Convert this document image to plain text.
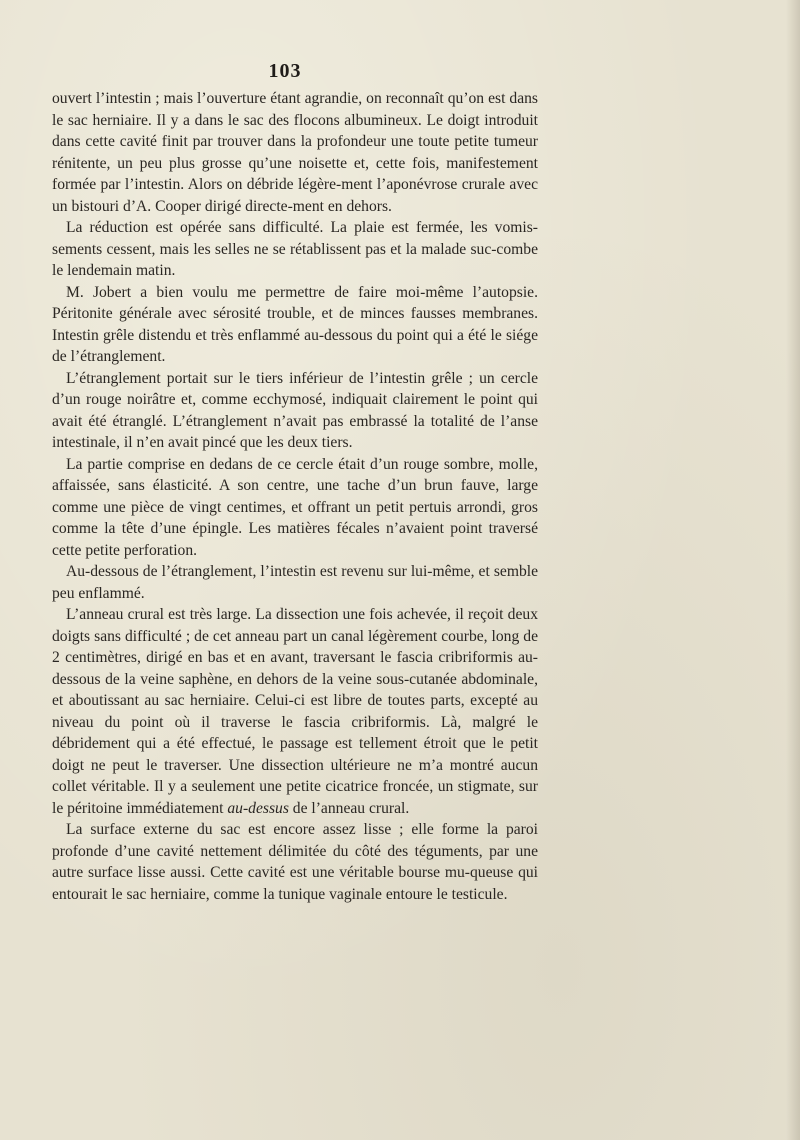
103

ouvert l’intestin ; mais l’ouverture étant agrandie, on reconnaît qu’on est dans le sac herniaire. Il y a dans le sac des flocons albumineux. Le doigt introduit dans cette cavité finit par trouver dans la profondeur une toute petite tumeur rénitente, un peu plus grosse qu’une noisette et, cette fois, manifestement formée par l’intestin. Alors on débride légère-ment l’aponévrose crurale avec un bistouri d’A. Cooper dirigé directe-ment en dehors.

La réduction est opérée sans difficulté. La plaie est fermée, les vomis-sements cessent, mais les selles ne se rétablissent pas et la malade suc-combe le lendemain matin.

M. Jobert a bien voulu me permettre de faire moi-même l’autopsie. Péritonite générale avec sérosité trouble, et de minces fausses membranes. Intestin grêle distendu et très enflammé au-dessous du point qui a été le siége de l’étranglement.

L’étranglement portait sur le tiers inférieur de l’intestin grêle ; un cercle d’un rouge noirâtre et, comme ecchymosé, indiquait clairement le point qui avait été étranglé. L’étranglement n’avait pas embrassé la totalité de l’anse intestinale, il n’en avait pincé que les deux tiers.

La partie comprise en dedans de ce cercle était d’un rouge sombre, molle, affaissée, sans élasticité. A son centre, une tache d’un brun fauve, large comme une pièce de vingt centimes, et offrant un petit pertuis arrondi, gros comme la tête d’une épingle. Les matières fécales n’avaient point traversé cette petite perforation.

Au-dessous de l’étranglement, l’intestin est revenu sur lui-même, et semble peu enflammé.

L’anneau crural est très large. La dissection une fois achevée, il reçoit deux doigts sans difficulté ; de cet anneau part un canal légèrement courbe, long de 2 centimètres, dirigé en bas et en avant, traversant le fascia cribriformis au-dessous de la veine saphène, en dehors de la veine sous-cutanée abdominale, et aboutissant au sac herniaire. Celui-ci est libre de toutes parts, excepté au niveau du point où il traverse le fascia cribriformis. Là, malgré le débridement qui a été effectué, le passage est tellement étroit que le petit doigt ne peut le traverser. Une dissection ultérieure ne m’a montré aucun collet véritable. Il y a seulement une petite cicatrice froncée, un stigmate, sur le péritoine immédiatement au-dessus de l’anneau crural.

La surface externe du sac est encore assez lisse ; elle forme la paroi profonde d’une cavité nettement délimitée du côté des téguments, par une autre surface lisse aussi. Cette cavité est une véritable bourse mu-queuse qui entourait le sac herniaire, comme la tunique vaginale entoure le testicule.
